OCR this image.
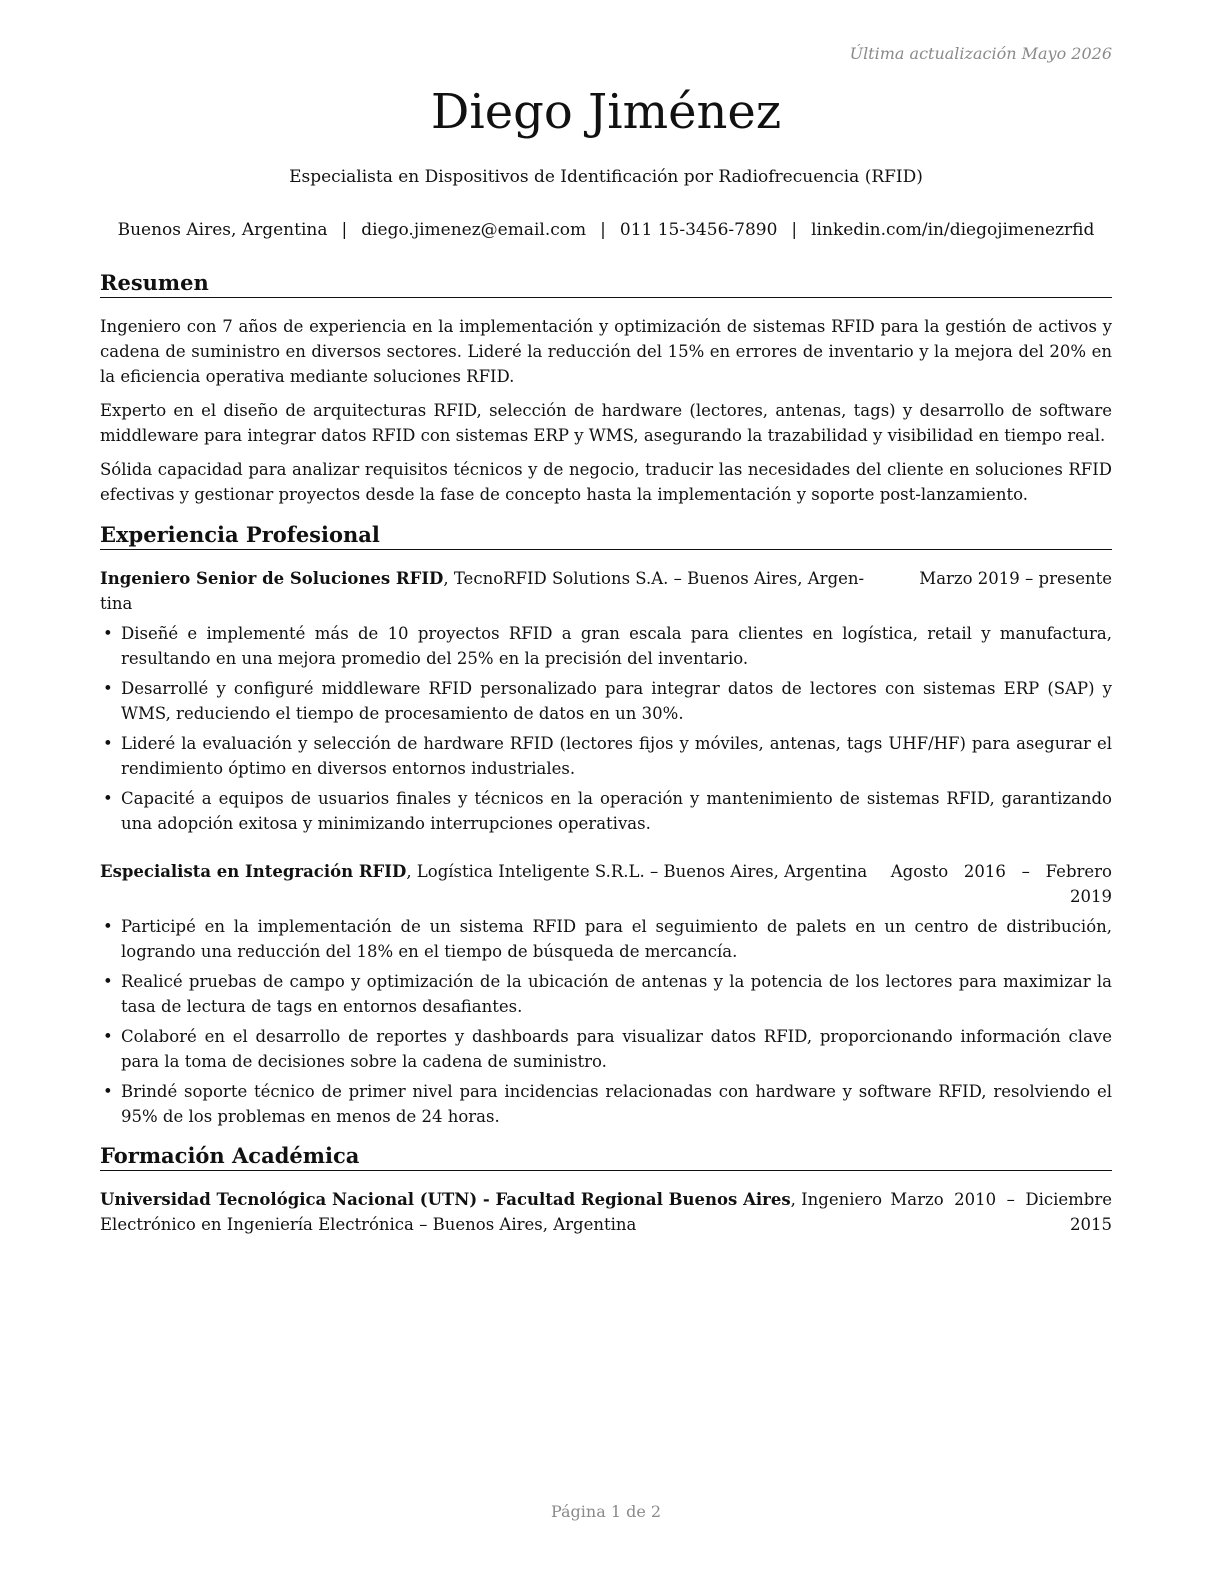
Última actualización Mayo 2026
Diego Jiménez
Especialista en Dispositivos de Identificación por Radiofrecuencia (RFID)
Buenos Aires, Argentina | diego.jimenez@email.com | 011 15-3456-7890 | linkedin.com/in/diegojimenezrfid
Resumen
Ingeniero con 7 años de experiencia en la implementación y optimización de sistemas RFID para la gestión de activos y cadena de suministro en diversos sectores. Lideré la reducción del 15% en errores de inventario y la mejora del 20% en la eficiencia operativa mediante soluciones RFID.
Experto en el diseño de arquitecturas RFID, selección de hardware (lectores, antenas, tags) y desarrollo de software middleware para integrar datos RFID con sistemas ERP y WMS, asegurando la trazabilidad y visibilidad en tiempo real.
Sólida capacidad para analizar requisitos técnicos y de negocio, traducir las necesidades del cliente en soluciones RFID efectivas y gestionar proyectos desde la fase de concepto hasta la implementación y soporte post-lanzamiento.
Experiencia Profesional
Ingeniero Senior de Soluciones RFID, TecnoRFID Solutions S.A. – Buenos Aires, Argen-
tina
Marzo 2019 – presente
• Diseñé e implementé más de 10 proyectos RFID a gran escala para clientes en logística, retail y manufactura, resultando en una mejora promedio del 25% en la precisión del inventario.
• Desarrollé y configuré middleware RFID personalizado para integrar datos de lectores con sistemas ERP (SAP) y WMS, reduciendo el tiempo de procesamiento de datos en un 30%.
• Lideré la evaluación y selección de hardware RFID (lectores fijos y móviles, antenas, tags UHF/HF) para asegurar el rendimiento óptimo en diversos entornos industriales.
• Capacité a equipos de usuarios finales y técnicos en la operación y mantenimiento de sistemas RFID, garantizando una adopción exitosa y minimizando interrupciones operativas.
Especialista en Integración RFID, Logística Inteligente S.R.L. – Buenos Aires, Argentina	Agosto   2016   –   Febrero
2019
• Participé en la implementación de un sistema RFID para el seguimiento de palets en un centro de distribución, logrando una reducción del 18% en el tiempo de búsqueda de mercancía.
• Realicé pruebas de campo y optimización de la ubicación de antenas y la potencia de los lectores para maximizar la tasa de lectura de tags en entornos desafiantes.
• Colaboré en el desarrollo de reportes y dashboards para visualizar datos RFID, proporcionando información clave para la toma de decisiones sobre la cadena de suministro.
• Brindé soporte técnico de primer nivel para incidencias relacionadas con hardware y software RFID, resolviendo el 95% de los problemas en menos de 24 horas.
Formación Académica
Universidad Tecnológica Nacional (UTN) - Facultad Regional Buenos Aires, Ingeniero
Electrónico en Ingeniería Electrónica – Buenos Aires, Argentina
Marzo  2010  –  Diciembre
2015
Página 1 de 2
